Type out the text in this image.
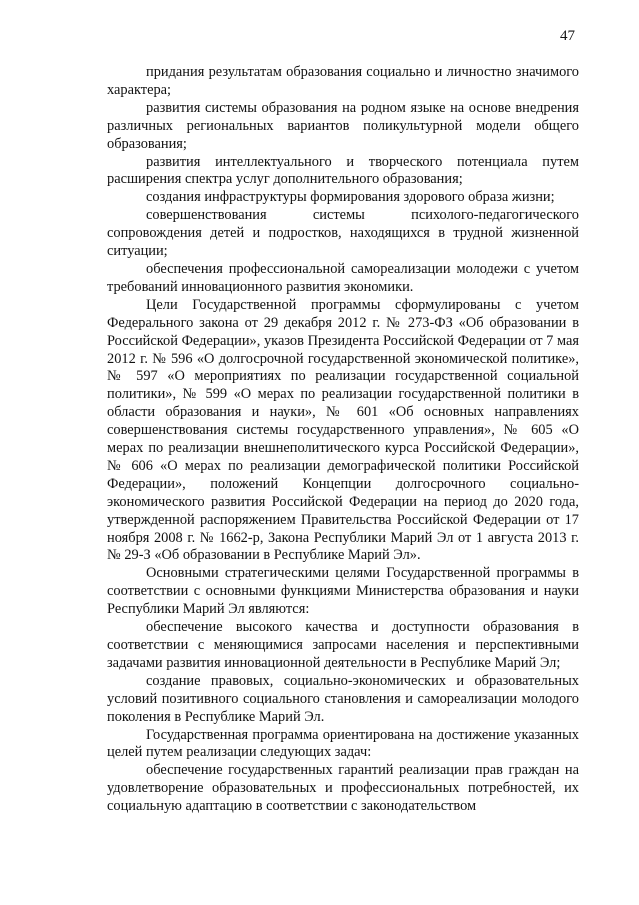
47

придания результатам образования социально и личностно значимого характера;

развития системы образования на родном языке на основе внедрения различных региональных вариантов поликультурной модели общего образования;

развития интеллектуального и творческого потенциала путем расширения спектра услуг дополнительного образования;

создания инфраструктуры формирования здорового образа жизни;

совершенствования системы психолого-педагогического сопровождения детей и подростков, находящихся в трудной жизненной ситуации;

обеспечения профессиональной самореализации молодежи с учетом требований инновационного развития экономики.

Цели Государственной программы сформулированы с учетом Федерального закона от 29 декабря 2012 г. № 273-ФЗ «Об образовании в Российской Федерации», указов Президента Российской Федерации от 7 мая 2012 г. № 596 «О долгосрочной государственной экономической политике», № 597 «О мероприятиях по реализации государственной социальной политики», № 599 «О мерах по реализации государственной политики в области образования и науки», № 601 «Об основных направлениях совершенствования системы государственного управления», № 605 «О мерах по реализации внешнеполитического курса Российской Федерации», № 606 «О мерах по реализации демографической политики Российской Федерации», положений Концепции долгосрочного социально-экономического развития Российской Федерации на период до 2020 года, утвержденной распоряжением Правительства Российской Федерации от 17 ноября 2008 г. № 1662-р, Закона Республики Марий Эл от 1 августа 2013 г. № 29-З «Об образовании в Республике Марий Эл».

Основными стратегическими целями Государственной программы в соответствии с основными функциями Министерства образования и науки Республики Марий Эл являются:

обеспечение высокого качества и доступности образования в соответствии с меняющимися запросами населения и перспективными задачами развития инновационной деятельности в Республике Марий Эл;

создание правовых, социально-экономических и образовательных условий позитивного социального становления и самореализации молодого поколения в Республике Марий Эл.

Государственная программа ориентирована на достижение указанных целей путем реализации следующих задач:

обеспечение государственных гарантий реализации прав граждан на удовлетворение образовательных и профессиональных потребностей, их социальную адаптацию в соответствии с законодательством
